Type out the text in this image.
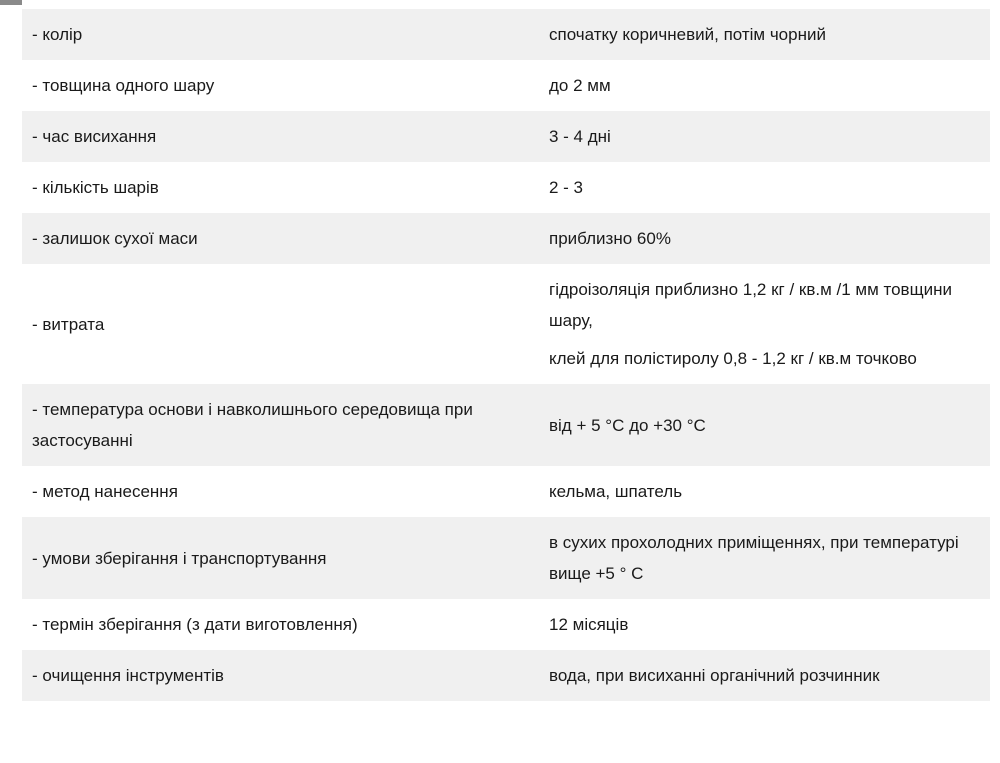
- колір	спочатку коричневий, потім чорний

- товщина одного шару	до 2 мм

- час висихання	3 - 4 дні

- кількість шарів	2 - 3

- залишок сухої маси	приблизно 60%

- витрата	гідроізоляція приблизно 1,2 кг / кв.м /1 мм товщини шару,
клей для полістиролу 0,8 - 1,2 кг / кв.м точково

- температура основи і навколишнього середовища при застосуванні	від + 5 °C до +30 °C

- метод нанесення	кельма, шпатель

- умови зберігання і транспортування	в сухих прохолодних приміщеннях, при температурі вище +5 ° C

- термін зберігання (з дати виготовлення)	12 місяців

- очищення інструментів	вода, при висиханні органічний розчинник
